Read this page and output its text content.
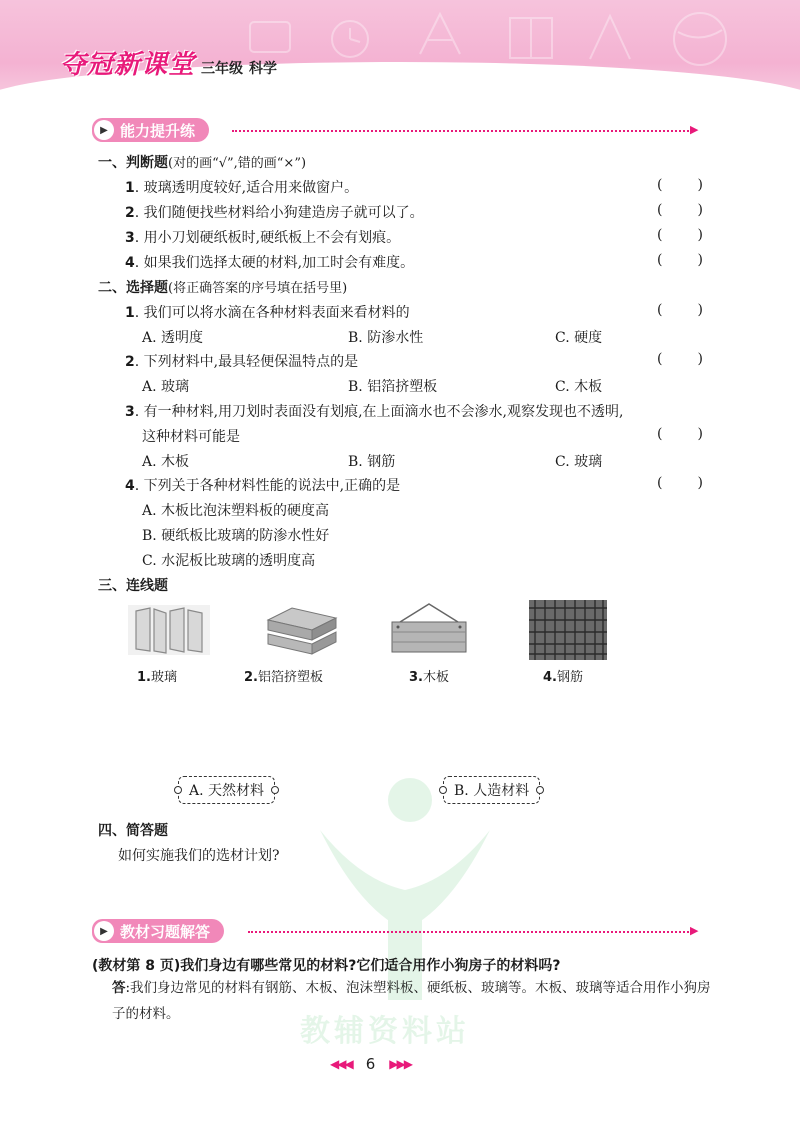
夺冠新课堂 三年级 科学
▶ 能力提升练	▶
一、判断题(对的画“√”,错的画“×”)
1. 玻璃透明度较好,适合用来做窗户。	(	)
2. 我们随便找些材料给小狗建造房子就可以了。	(	)
3. 用小刀划硬纸板时,硬纸板上不会有划痕。	(	)
4. 如果我们选择太硬的材料,加工时会有难度。	(	)
二、选择题(将正确答案的序号填在括号里)
1. 我们可以将水滴在各种材料表面来看材料的	(	)
A. 透明度	B. 防渗水性	C. 硬度
2. 下列材料中,最具轻便保温特点的是	(	)
A. 玻璃	B. 铝箔挤塑板	C. 木板
3. 有一种材料,用刀划时表面没有划痕,在上面滴水也不会渗水,观察发现也不透明,
这种材料可能是	(	)
A. 木板	B. 钢筋	C. 玻璃
4. 下列关于各种材料性能的说法中,正确的是	(	)
A. 木板比泡沫塑料板的硬度高
B. 硬纸板比玻璃的防渗水性好
C. 水泥板比玻璃的透明度高
三、连线题
1.玻璃	2.铝箔挤塑板	3.木板	4.钢筋
A. 天然材料	B. 人造材料
四、简答题
如何实施我们的选材计划?
▶ 教材习题解答	▶
(教材第 8 页)我们身边有哪些常见的材料?它们适合用作小狗房子的材料吗?
答:我们身边常见的材料有钢筋、木板、泡沫塑料板、硬纸板、玻璃等。木板、玻璃等适合用作小狗房子的材料。	教辅资料站
◀◀◀ 6 ▶▶▶
